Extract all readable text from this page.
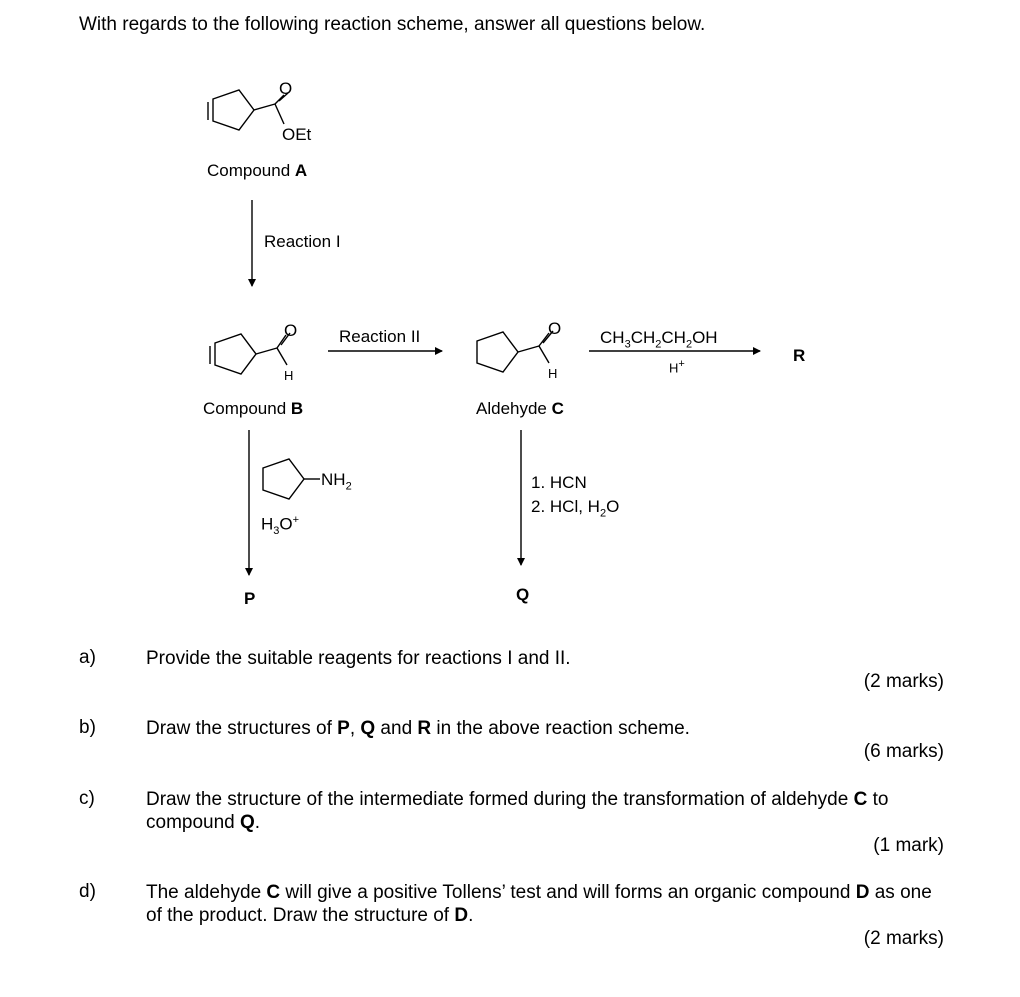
With regards to the following reaction scheme, answer all questions below.
O
OEt
Compound A
Reaction I
O
H
Compound B
Reaction II	O
H
Aldehyde C
$CH_3CH_2CH_2OH$
H+	R
$NH_2$
$H_3O^+$
P
1. HCN
2. HCl, $H_2O$
Q
a)	Provide the suitable reagents for reactions I and II.
(2 marks)
b)	Draw the structures of P, Q and R in the above reaction scheme.
(6 marks)
c)	Draw the structure of the intermediate formed during the transformation of aldehyde C to compound Q.
(1 mark)
d)	The aldehyde C will give a positive Tollens’ test and will forms an organic compound D as one of the product. Draw the structure of D.
(2 marks)
